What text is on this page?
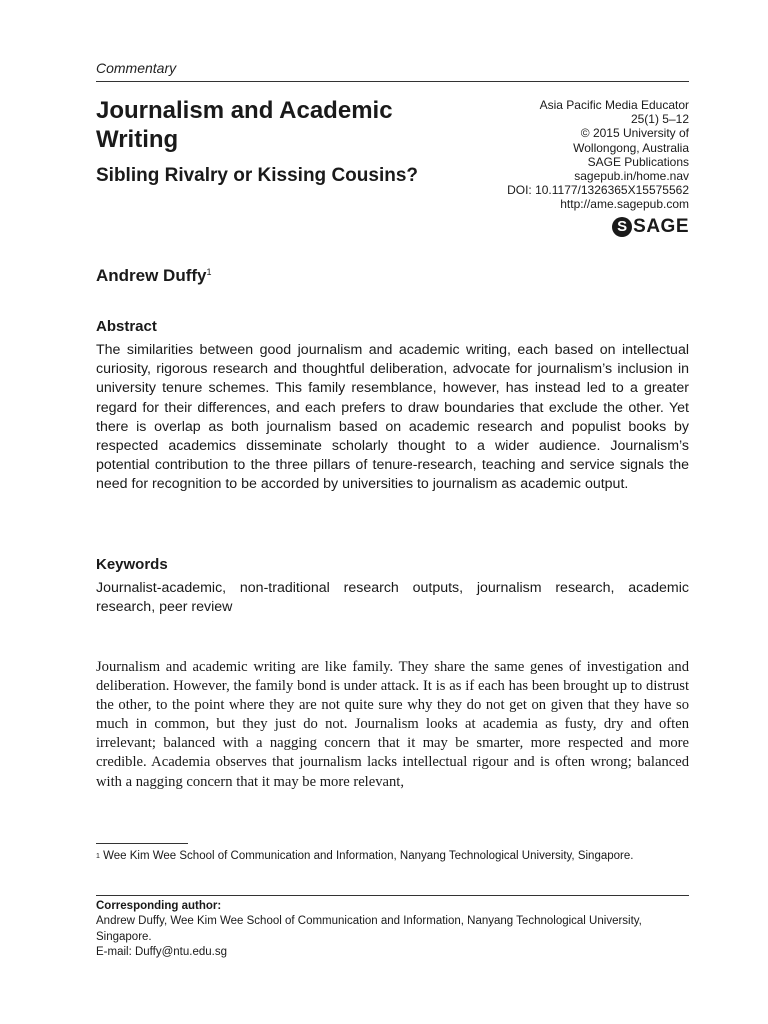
Commentary
Journalism and Academic Writing
Sibling Rivalry or Kissing Cousins?
Asia Pacific Media Educator
25(1) 5–12
© 2015 University of
Wollongong, Australia
SAGE Publications
sagepub.in/home.nav
DOI: 10.1177/1326365X15575562
http://ame.sagepub.com
S SAGE
Andrew Duffy$^1$
Abstract

The similarities between good journalism and academic writing, each based on intellectual curiosity, rigorous research and thoughtful deliberation, advocate for journalism’s inclusion in university tenure schemes. This family resemblance, however, has instead led to a greater regard for their differences, and each prefers to draw boundaries that exclude the other. Yet there is overlap as both journalism based on academic research and populist books by respected academics disseminate scholarly thought to a wider audience. Journalism’s potential contribution to the three pillars of tenure-research, teaching and service signals the need for recognition to be accorded by universities to journalism as academic output.

Keywords

Journalist-academic, non-traditional research outputs, journalism research, academic research, peer review

Journalism and academic writing are like family. They share the same genes of investigation and deliberation. However, the family bond is under attack. It is as if each has been brought up to distrust the other, to the point where they are not quite sure why they do not get on given that they have so much in common, but they just do not. Journalism looks at academia as fusty, dry and often irrelevant; balanced with a nagging concern that it may be smarter, more respected and more credible. Academia observes that journalism lacks intellectual rigour and is often wrong; balanced with a nagging concern that it may be more relevant,

$^1$ Wee Kim Wee School of Communication and Information, Nanyang Technological University, Singapore.

Corresponding author:
Andrew Duffy, Wee Kim Wee School of Communication and Information, Nanyang Technological University, Singapore.
E-mail: Duffy@ntu.edu.sg
